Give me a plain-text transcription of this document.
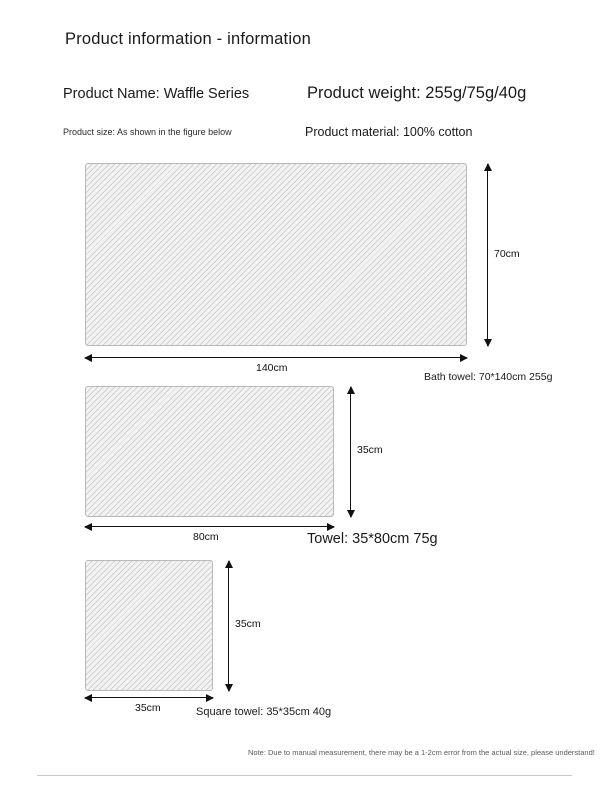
Product information - information
Product Name: Waffle Series	Product weight: 255g/75g/40g
Product size: As shown in the figure below	Product material: 100% cotton
140cm
70cm
Bath towel: 70*140cm 255g
80cm
35cm
Towel: 35*80cm 75g
35cm
35cm
Square towel: 35*35cm 40g
Note: Due to manual measurement, there may be a 1-2cm error from the actual size, please understand!
